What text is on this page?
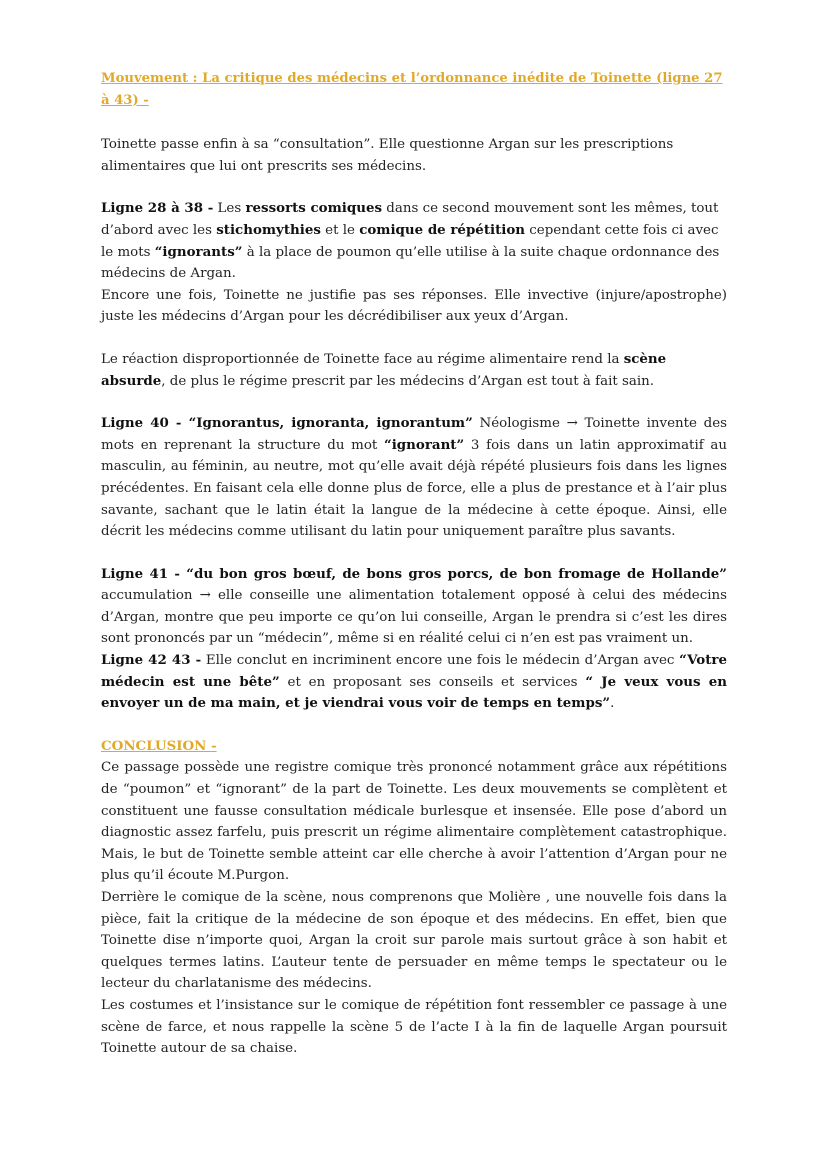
Mouvement : La critique des médecins et l’ordonnance inédite de Toinette (ligne 27 à 43) -

Toinette passe enfin à sa “consultation”. Elle questionne Argan sur les prescriptions alimentaires que lui ont prescrits ses médecins.

Ligne 28 à 38 - Les ressorts comiques dans ce second mouvement sont les mêmes, tout d’abord avec les stichomythies et le comique de répétition cependant cette fois ci avec le mots “ignorants” à la place de poumon qu’elle utilise à la suite chaque ordonnance des médecins de Argan.

Encore une fois, Toinette ne justifie pas ses réponses. Elle invective (injure/apostrophe) juste les médecins d’Argan pour les décrédibiliser aux yeux d’Argan.

Le réaction disproportionnée de Toinette face au régime alimentaire rend la scène absurde, de plus le régime prescrit par les médecins d’Argan est tout à fait sain.

Ligne 40 - “Ignorantus, ignoranta, ignorantum” Néologisme → Toinette invente des mots en reprenant la structure du mot “ignorant” 3 fois dans un latin approximatif au masculin, au féminin, au neutre, mot qu’elle avait déjà répété plusieurs fois dans les lignes précédentes. En faisant cela elle donne plus de force, elle a plus de prestance et à l’air plus savante, sachant que le latin était la langue de la médecine à cette époque. Ainsi, elle décrit les médecins comme utilisant du latin pour uniquement paraître plus savants.

Ligne 41 - “du bon gros bœuf, de bons gros porcs, de bon fromage de Hollande” accumulation → elle conseille une alimentation totalement opposé à celui des médecins d’Argan, montre que peu importe ce qu’on lui conseille, Argan le prendra si c’est les dires sont prononcés par un “médecin”, même si en réalité celui ci n’en est pas vraiment un.

Ligne 42 43 - Elle conclut en incriminent encore une fois le médecin d’Argan avec “Votre médecin est une bête” et en proposant ses conseils et services “ Je veux vous en envoyer un de ma main, et je viendrai vous voir de temps en temps”.

CONCLUSION -

Ce passage possède une registre comique très prononcé notamment grâce aux répétitions de “poumon” et “ignorant” de la part de Toinette. Les deux mouvements se complètent et constituent une fausse consultation médicale burlesque et insensée. Elle pose d’abord un diagnostic assez farfelu, puis prescrit un régime alimentaire complètement catastrophique. Mais, le but de Toinette semble atteint car elle cherche à avoir l’attention d’Argan pour ne plus qu’il écoute M.Purgon.

Derrière le comique de la scène, nous comprenons que Molière , une nouvelle fois dans la pièce, fait la critique de la médecine de son époque et des médecins. En effet, bien que Toinette dise n’importe quoi, Argan la croit sur parole mais surtout grâce à son habit et quelques termes latins. L’auteur tente de persuader en même temps le spectateur ou le lecteur du charlatanisme des médecins.

Les costumes et l’insistance sur le comique de répétition font ressembler ce passage à une scène de farce, et nous rappelle la scène 5 de l’acte I à la fin de laquelle Argan poursuit Toinette autour de sa chaise.
